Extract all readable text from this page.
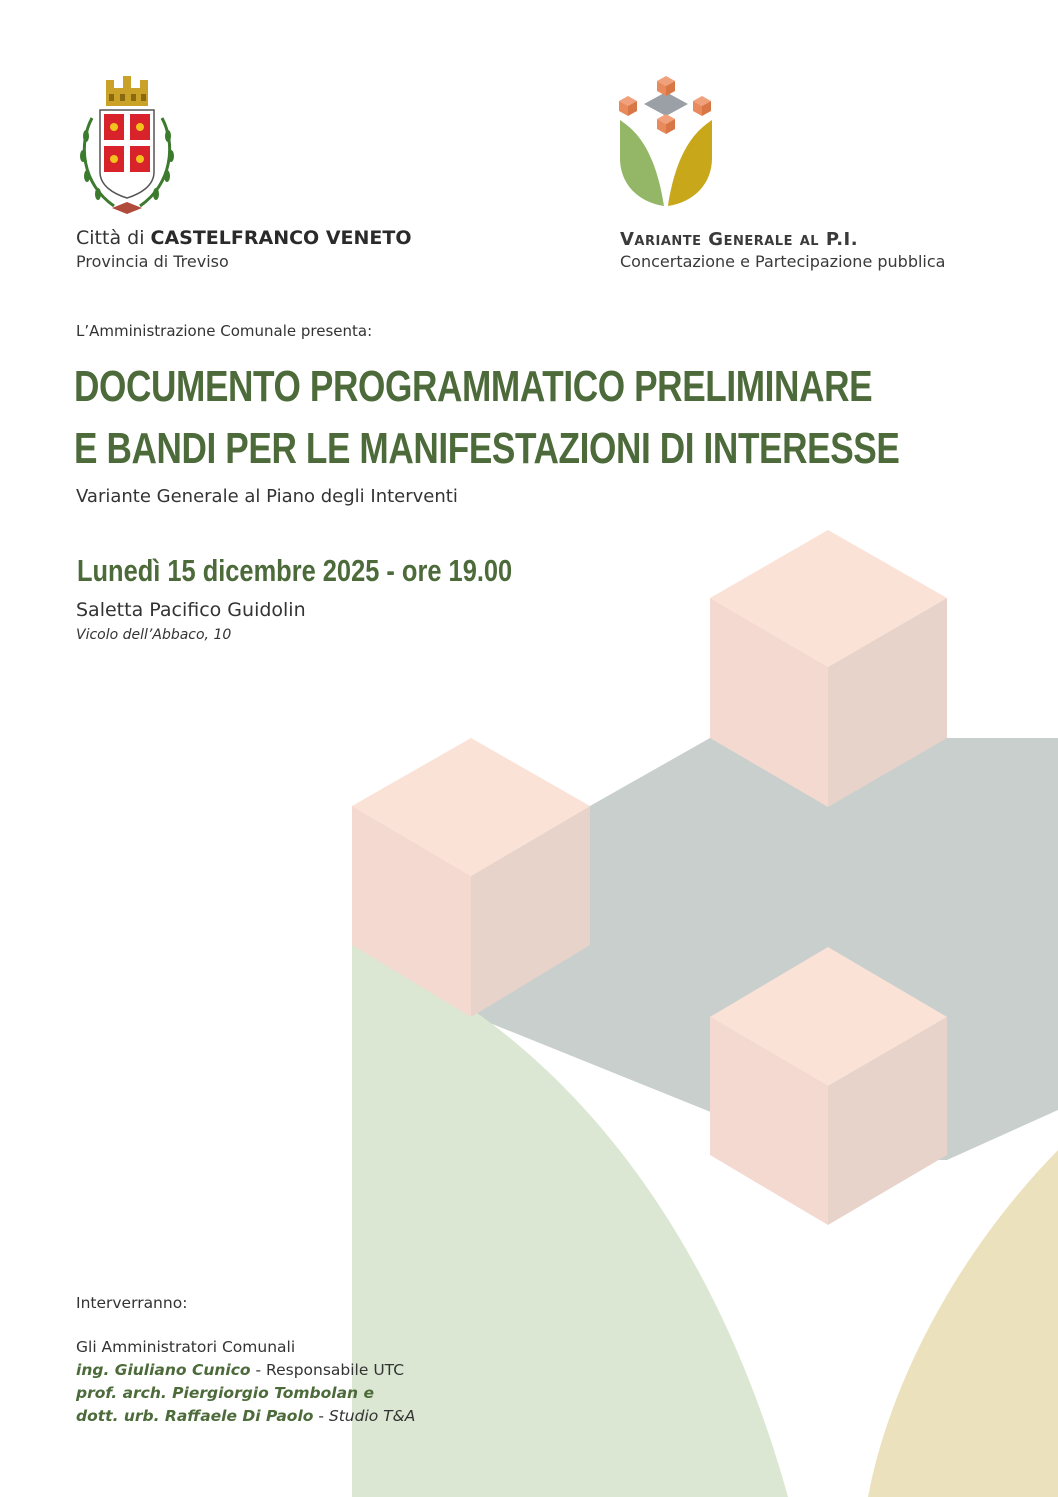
Città di CASTELFRANCO VENETO
Provincia di Treviso
Variante Generale al P.I.
Concertazione e Partecipazione pubblica
L’Amministrazione Comunale presenta:
DOCUMENTO PROGRAMMATICO PRELIMINARE
E BANDI PER LE MANIFESTAZIONI DI INTERESSE
Variante Generale al Piano degli Interventi
Lunedì 15 dicembre 2025 - ore 19.00
Saletta Pacifico Guidolin
Vicolo dell’Abbaco, 10
Interverranno:
Gli Amministratori Comunali
ing. Giuliano Cunico - Responsabile UTC
prof. arch. Piergiorgio Tombolan e
dott. urb. Raffaele Di Paolo - Studio T&A
